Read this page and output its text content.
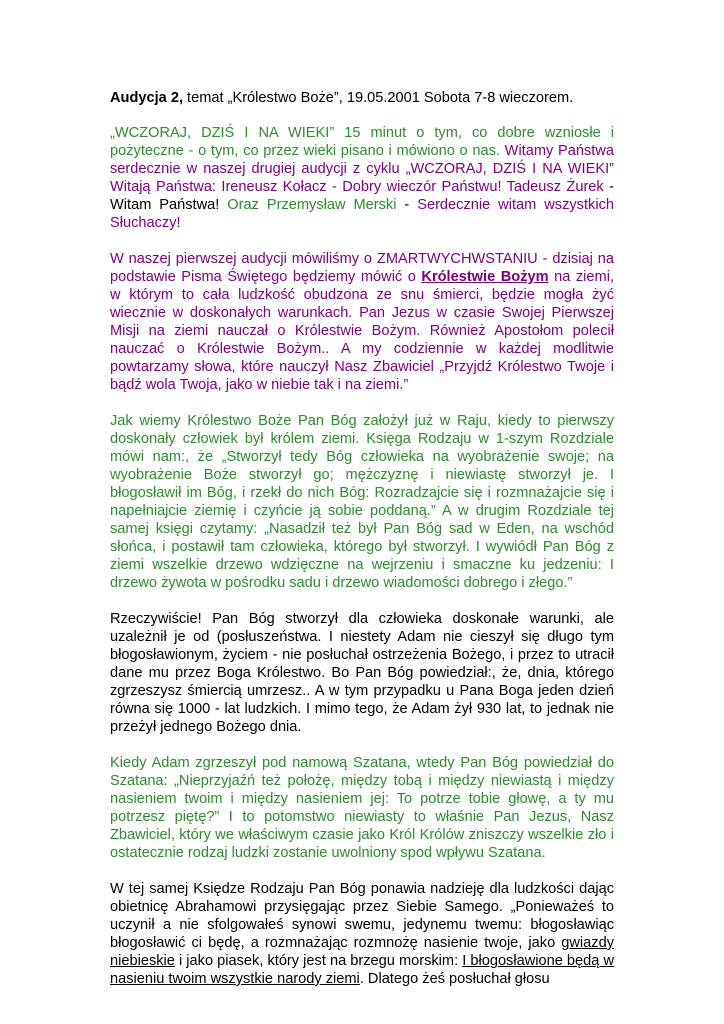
Audycja 2, temat „Królestwo Boże”, 19.05.2001 Sobota 7-8 wieczorem.

„WCZORAJ, DZIŚ I NA WIEKI” 15 minut o tym, co dobre wzniosłe i pożyteczne - o tym, co przez wieki pisano i mówiono o nas. Witamy Państwa serdecznie w naszej drugiej audycji z cyklu „WCZORAJ, DZIŚ I NA WIEKI” Witają Państwa: Ireneusz Kołacz - Dobry wieczór Państwu! Tadeusz Żurek - Witam Państwa! Oraz Przemysław Merski - Serdecznie witam wszystkich Słuchaczy!

W naszej pierwszej audycji mówiliśmy o ZMARTWYCHWSTANIU - dzisiaj na podstawie Pisma Świętego będziemy mówić o Królestwie Bożym na ziemi, w którym to cała ludzkość obudzona ze snu śmierci, będzie mogła żyć wiecznie w doskonałych warunkach. Pan Jezus w czasie Swojej Pierwszej Misji na ziemi nauczał o Królestwie Bożym. Również Apostołom polecił nauczać o Królestwie Bożym.. A my codziennie w każdej modlitwie powtarzamy słowa, które nauczył Nasz Zbawiciel „Przyjdź Królestwo Twoje i bądź wola Twoja, jako w niebie tak i na ziemi.”

Jak wiemy Królestwo Boże Pan Bóg założył już w Raju, kiedy to pierwszy doskonały człowiek był królem ziemi. Księga Rodzaju w 1-szym Rozdziale mówi nam:, że „Stworzył tedy Bóg człowieka na wyobrażenie swoje; na wyobrażenie Boże stworzył go; mężczyznę i niewiastę stworzył je. I błogosławił im Bóg, i rzekł do nich Bóg: Rozradzajcie się i rozmnażajcie się i napełniajcie ziemię i czyńcie ją sobie poddaną.” A w drugim Rozdziale tej samej księgi czytamy: „Nasadził też był Pan Bóg sad w Eden, na wschód słońca, i postawił tam człowieka, którego był stworzył. I wywiódł Pan Bóg z ziemi wszelkie drzewo wdzięczne na wejrzeniu i smaczne ku jedzeniu: I drzewo żywota w pośrodku sadu i drzewo wiadomości dobrego i złego.”

Rzeczywiście! Pan Bóg stworzył dla człowieka doskonałe warunki, ale uzależnił je od (posłuszeństwa. I niestety Adam nie cieszył się długo tym błogosławionym, życiem - nie posłuchał ostrzeżenia Bożego, i przez to utracił dane mu przez Boga Królestwo. Bo Pan Bóg powiedział:, że, dnia, którego zgrzeszysz śmiercią umrzesz.. A w tym przypadku u Pana Boga jeden dzień równa się 1000 - lat ludzkich. I mimo tego, że Adam żył 930 lat, to jednak nie przeżył jednego Bożego dnia.

Kiedy Adam zgrzeszył pod namową Szatana, wtedy Pan Bóg powiedział do Szatana: „Nieprzyjaźń też położę, między tobą i między niewiastą i między nasieniem twoim i między nasieniem jej: To potrze tobie głowę, a ty mu potrzesz piętę?” I to potomstwo niewiasty to właśnie Pan Jezus, Nasz Zbawiciel, który we właściwym czasie jako Król Królów zniszczy wszelkie zło i ostatecznie rodzaj ludzki zostanie uwolniony spod wpływu Szatana.

W tej samej Księdze Rodzaju Pan Bóg ponawia nadzieję dla ludzkości dając obietnicę Abrahamowi przysięgając przez Siebie Samego. „Ponieważeś to uczynił a nie sfolgowałeś synowi swemu, jedynemu twemu: błogosławiąc błogosławić ci będę, a rozmnażając rozmnożę nasienie twoje, jako gwiazdy niebieskie i jako piasek, który jest na brzegu morskim: I błogosławione będą w nasieniu twoim wszystkie narody ziemi. Dlatego żeś posłuchał głosu
